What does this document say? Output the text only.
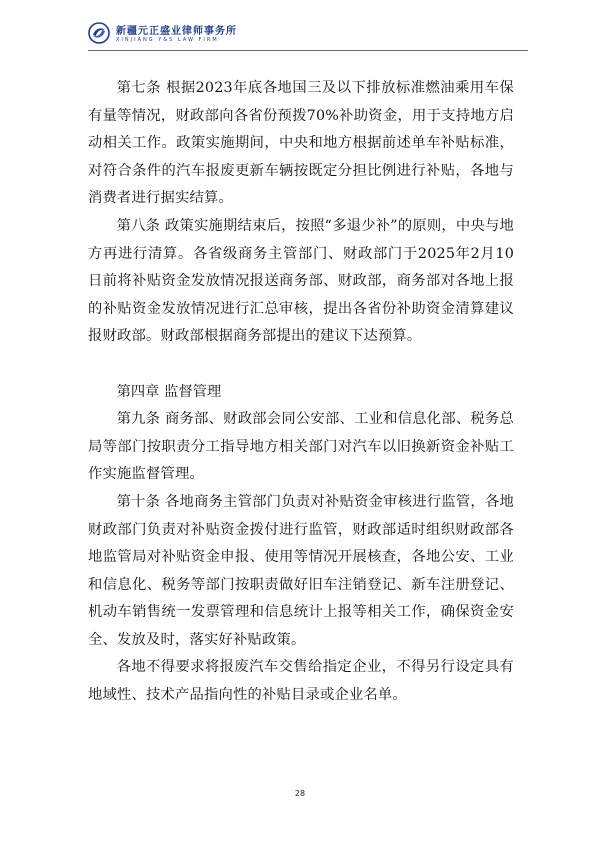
新疆元正盛业律师事务所
XINJIANG Y&S LAW FIRM

第七条 根据2023年底各地国三及以下排放标准燃油乘用车保有量等情况，财政部向各省份预拨70%补助资金，用于支持地方启动相关工作。政策实施期间，中央和地方根据前述单车补贴标准，对符合条件的汽车报废更新车辆按既定分担比例进行补贴，各地与消费者进行据实结算。

第八条 政策实施期结束后，按照“多退少补”的原则，中央与地方再进行清算。各省级商务主管部门、财政部门于2025年2月10日前将补贴资金发放情况报送商务部、财政部，商务部对各地上报的补贴资金发放情况进行汇总审核，提出各省份补助资金清算建议报财政部。财政部根据商务部提出的建议下达预算。

第四章 监督管理

第九条 商务部、财政部会同公安部、工业和信息化部、税务总局等部门按职责分工指导地方相关部门对汽车以旧换新资金补贴工作实施监督管理。

第十条 各地商务主管部门负责对补贴资金审核进行监管，各地财政部门负责对补贴资金拨付进行监管，财政部适时组织财政部各地监管局对补贴资金申报、使用等情况开展核查，各地公安、工业和信息化、税务等部门按职责做好旧车注销登记、新车注册登记、机动车销售统一发票管理和信息统计上报等相关工作，确保资金安全、发放及时，落实好补贴政策。

各地不得要求将报废汽车交售给指定企业，不得另行设定具有地域性、技术产品指向性的补贴目录或企业名单。

28
